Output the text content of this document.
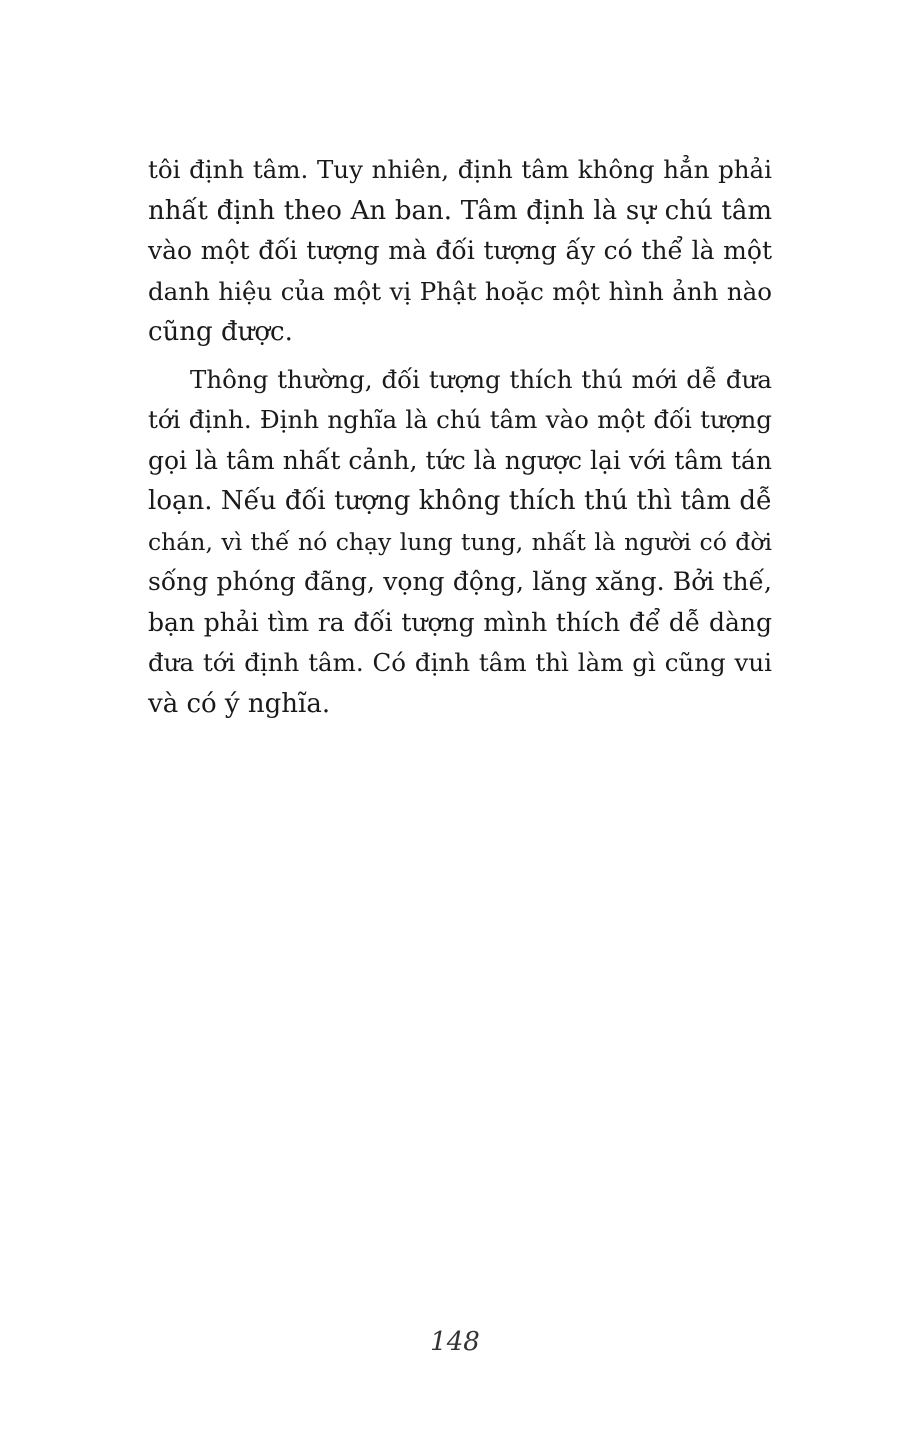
tôi định tâm. Tuy nhiên, định tâm không hẳn phải
nhất định theo An ban. Tâm định là sự chú tâm
vào một đối tượng mà đối tượng ấy có thể là một
danh hiệu của một vị Phật hoặc một hình ảnh nào
cũng được.
Thông thường, đối tượng thích thú mới dễ đưa
tới định. Định nghĩa là chú tâm vào một đối tượng
gọi là tâm nhất cảnh, tức là ngược lại với tâm tán
loạn. Nếu đối tượng không thích thú thì tâm dễ
chán, vì thế nó chạy lung tung, nhất là người có đời
sống phóng đãng, vọng động, lăng xăng. Bởi thế,
bạn phải tìm ra đối tượng mình thích để dễ dàng
đưa tới định tâm. Có định tâm thì làm gì cũng vui
và có ý nghĩa.
148
